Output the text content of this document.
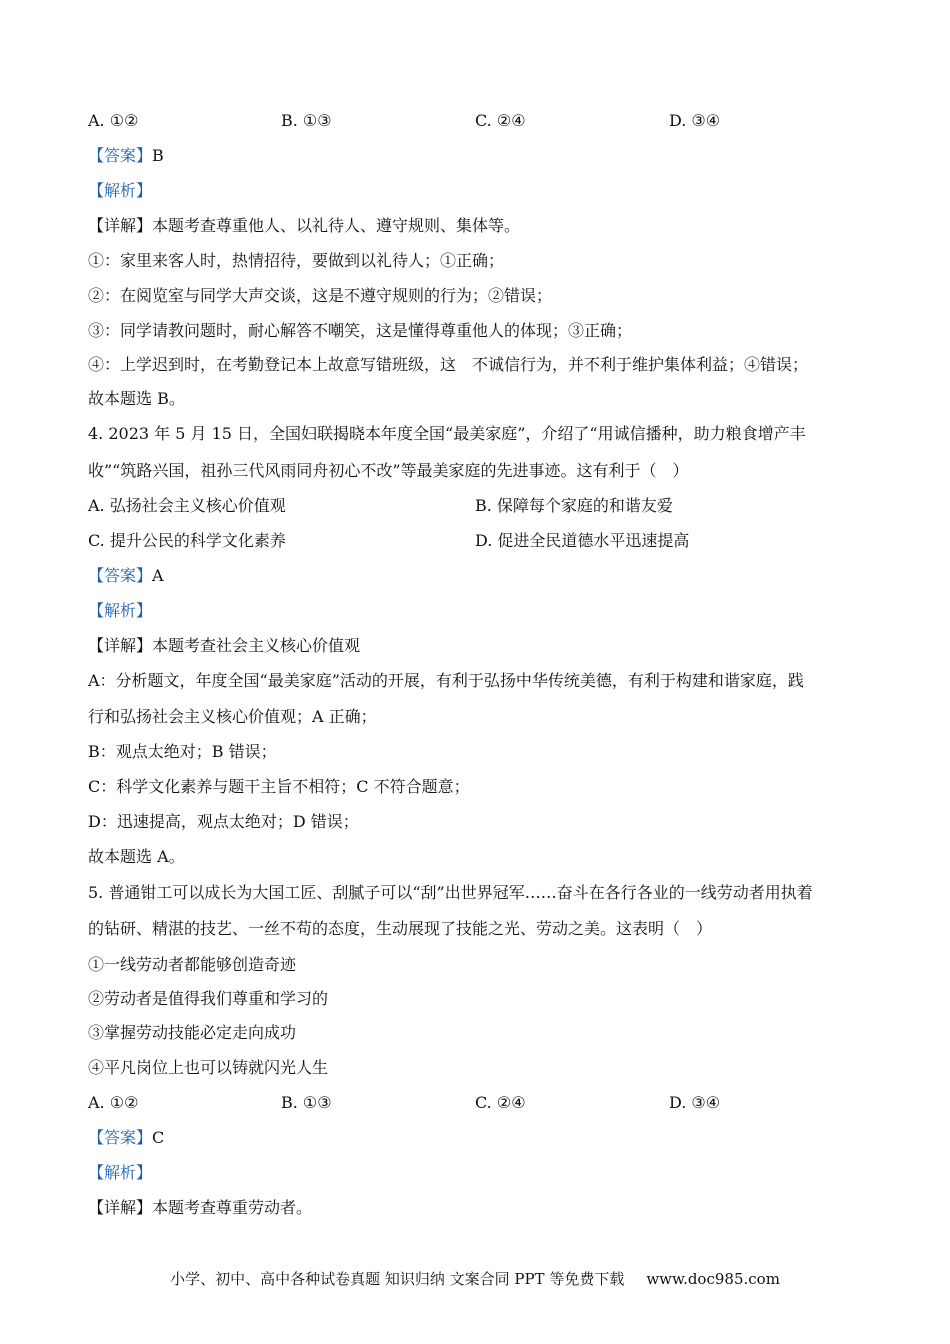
A. ①②	B. ①③	C. ②④	D. ③④
【答案】B
【解析】
【详解】本题考查尊重他人、以礼待人、遵守规则、集体等。
①：家里来客人时，热情招待，要做到以礼待人；①正确；
②：在阅览室与同学大声交谈，这是不遵守规则的行为；②错误；
③：同学请教问题时，耐心解答不嘲笑，这是懂得尊重他人的体现；③正确；
④：上学迟到时，在考勤登记本上故意写错班级，这　不诚信行为，并不利于维护集体利益；④错误；
故本题选 B。
4. 2023 年 5 月 15 日，全国妇联揭晓本年度全国“最美家庭”，介绍了“用诚信播种，助力粮食增产丰
收”“筑路兴国，祖孙三代风雨同舟初心不改”等最美家庭的先进事迹。这有利于（　）
A. 弘扬社会主义核心价值观	B. 保障每个家庭的和谐友爱
C. 提升公民的科学文化素养	D. 促进全民道德水平迅速提高
【答案】A
【解析】
【详解】本题考查社会主义核心价值观
A：分析题文，年度全国“最美家庭”活动的开展，有利于弘扬中华传统美德，有利于构建和谐家庭，践
行和弘扬社会主义核心价值观；A 正确；
B：观点太绝对；B 错误；
C：科学文化素养与题干主旨不相符；C 不符合题意；
D：迅速提高，观点太绝对；D 错误；
故本题选 A。
5. 普通钳工可以成长为大国工匠、刮腻子可以“刮”出世界冠军……奋斗在各行各业的一线劳动者用执着
的钻研、精湛的技艺、一丝不苟的态度，生动展现了技能之光、劳动之美。这表明（　）
①一线劳动者都能够创造奇迹
②劳动者是值得我们尊重和学习的
③掌握劳动技能必定走向成功
④平凡岗位上也可以铸就闪光人生
A. ①②	B. ①③	C. ②④	D. ③④
【答案】C
【解析】
【详解】本题考查尊重劳动者。
小学、初中、高中各种试卷真题 知识归纳 文案合同 PPT 等免费下载 www.doc985.com
